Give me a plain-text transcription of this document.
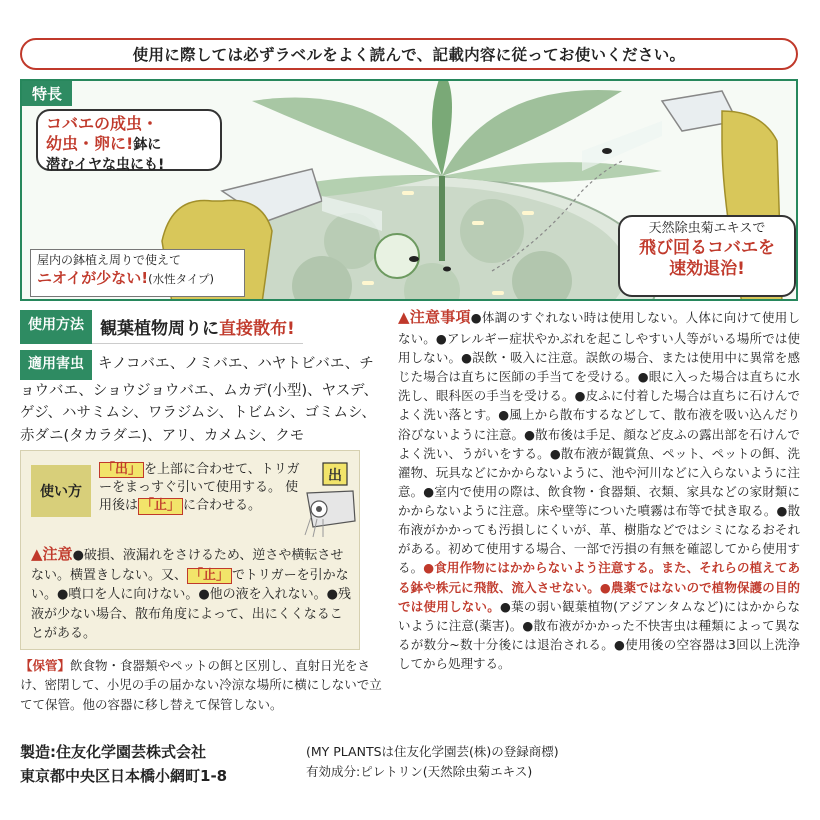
使用に際しては必ずラベルをよく読んで、記載内容に従ってお使いください。
特長
コバエの成虫・
幼虫・卵に!鉢に
潜むイヤな虫にも!
屋内の鉢植え周りで使えて
ニオイが少ない!(水性タイプ)
天然除虫菊エキスで
飛び回るコバエを
速効退治!
使用方法 観葉植物周りに直接散布!
適用害虫 キノコバエ、ノミバエ、ハヤトビバエ、チョウバエ、ショウジョウバエ、ムカデ(小型)、ヤスデ、ゲジ、ハサミムシ、ワラジムシ、トビムシ、ゴミムシ、赤ダニ(タカラダニ)、アリ、カメムシ、クモ
使い方
「出」 を上部に合わせて、トリガーをまっすぐ引いて使用する。 使用後は 「止」 に合わせる。
出
▲注意●破損、液漏れをさけるため、逆さや横転させない。横置きしない。又、 「止」 でトリガーを引かない。●噴口を人に向けない。●他の液を入れない。●残液が少ない場合、散布角度によって、出にくくなることがある。
【保管】飲食物・食器類やペットの餌と区別し、直射日光をさけ、密閉して、小児の手の届かない冷涼な場所に横にしないで立てて保管。他の容器に移し替えて保管しない。
製造:住友化学園芸株式会社
東京都中央区日本橋小網町1-8
(MY PLANTSは住友化学園芸(株)の登録商標)
有効成分:ピレトリン(天然除虫菊エキス)
▲注意事項●体調のすぐれない時は使用しない。人体に向けて使用しない。●アレルギー症状やかぶれを起こしやすい人等がいる場所では使用しない。●誤飲・吸入に注意。誤飲の場合、または使用中に異常を感じた場合は直ちに医師の手当てを受ける。●眼に入った場合は直ちに水洗し、眼科医の手当を受ける。●皮ふに付着した場合は直ちに石けんでよく洗い落とす。●風上から散布するなどして、散布液を吸い込んだり浴びないように注意。●散布後は手足、顔など皮ふの露出部を石けんでよく洗い、うがいをする。●散布液が観賞魚、ペット、ペットの餌、洗濯物、玩具などにかからないように、池や河川などに入らないように注意。●室内で使用の際は、飲食物・食器類、衣類、家具などの家財類にかからないように注意。床や壁等についた噴霧は布等で拭き取る。●散布液がかかっても汚損しにくいが、革、樹脂などではシミになるおそれがある。初めて使用する場合、一部で汚損の有無を確認してから使用する。●食用作物にはかからないよう注意する。また、それらの植えてある鉢や株元に飛散、流入させない。●農薬ではないので植物保護の目的では使用しない。●葉の弱い観葉植物(アジアンタムなど)にはかからないように注意(薬害)。●散布液がかかった不快害虫は種類によって異なるが数分~数十分後には退治される。●使用後の空容器は3回以上洗浄してから処理する。
